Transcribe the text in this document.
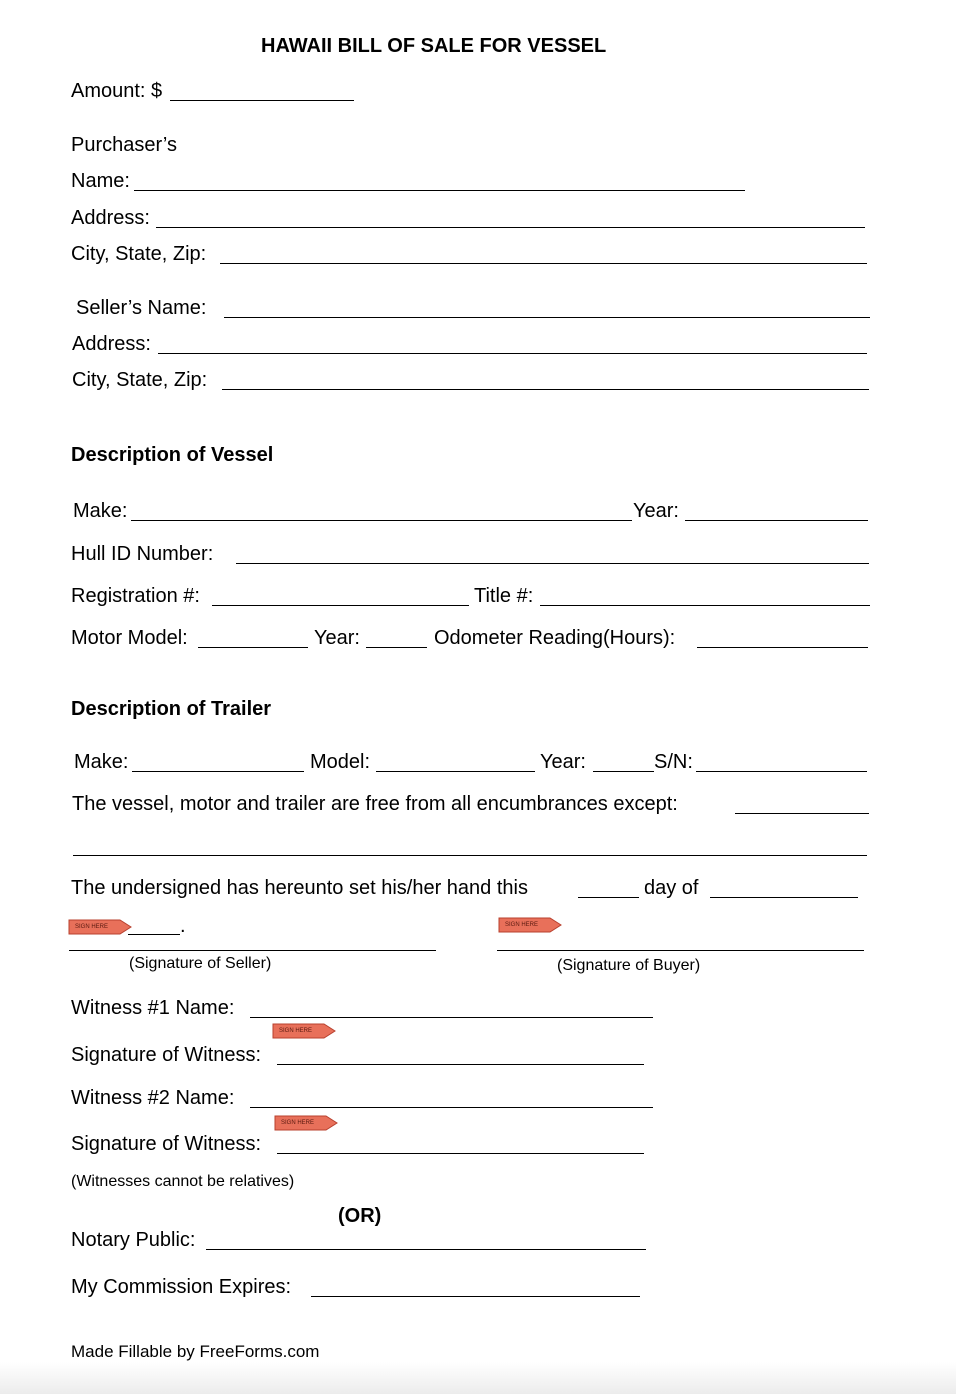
HAWAII BILL OF SALE FOR VESSEL
Amount: $
Purchaser’s
Name:
Address:
City, State, Zip:
Seller’s Name:
Address:
City, State, Zip:
Description of Vessel
Make:	Year:
Hull ID Number:
Registration #:	Title #:
Motor Model:	Year:	Odometer Reading(Hours):
Description of Trailer
Make:	Model:	Year:	S/N:
The vessel, motor and trailer are free from all encumbrances except:
The undersigned has hereunto set his/her hand this	day of
.
SIGN HERE	SIGN HERE
(Signature of Seller)	(Signature of Buyer)
Witness #1 Name:
SIGN HERE
Signature of Witness:
Witness #2 Name:
SIGN HERE
Signature of Witness:
(Witnesses cannot be relatives)
(OR)
Notary Public:
My Commission Expires:
Made Fillable by FreeForms.com
